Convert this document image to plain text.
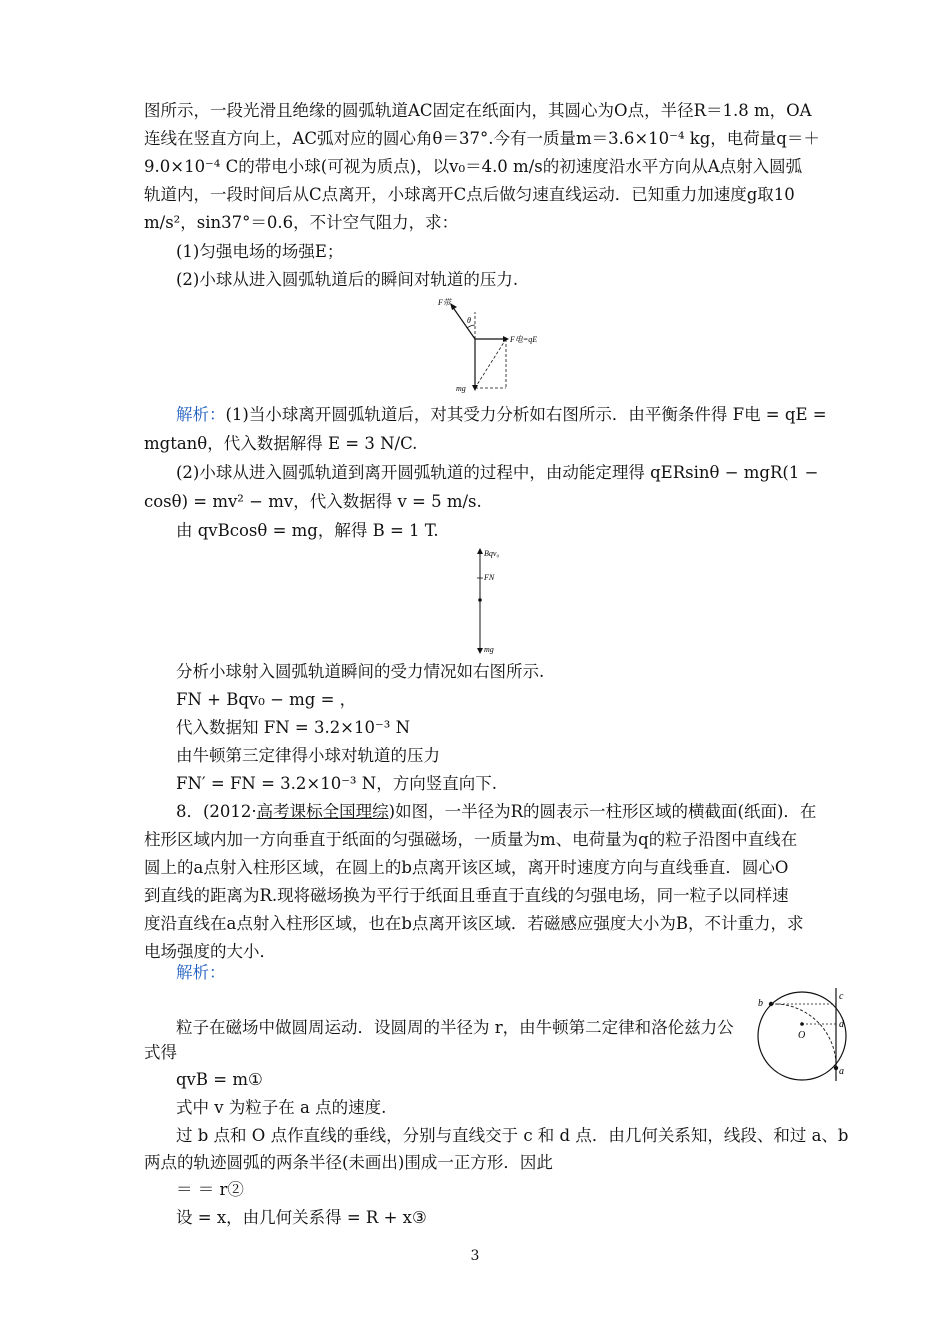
图所示，一段光滑且绝缘的圆弧轨道AC固定在纸面内，其圆心为O点，半径R＝1.8 m，OA
连线在竖直方向上，AC弧对应的圆心角θ＝37°.今有一质量m＝3.6×10⁻⁴ kg，电荷量q＝＋
9.0×10⁻⁴ C的带电小球(可视为质点)，以v₀＝4.0 m/s的初速度沿水平方向从A点射入圆弧
轨道内，一段时间后从C点离开，小球离开C点后做匀速直线运动．已知重力加速度g取10
m/s²，sin37°＝0.6，不计空气阻力，求：
(1)匀强电场的场强E；
(2)小球从进入圆弧轨道后的瞬间对轨道的压力.
F带
θ
F电=qE
mg
解析：(1)当小球离开圆弧轨道后，对其受力分析如右图所示．由平衡条件得 F电 = qE =
mgtanθ，代入数据解得 E = 3 N/C.
(2)小球从进入圆弧轨道到离开圆弧轨道的过程中，由动能定理得 qERsinθ − mgR(1 −
cosθ) = mv² − mv，代入数据得 v = 5 m/s.
由 qvBcosθ = mg，解得 B = 1 T.
Bqv₀
FN
mg
分析小球射入圆弧轨道瞬间的受力情况如右图所示.
FN + Bqv₀ − mg = ，
代入数据知 FN = 3.2×10⁻³ N
由牛顿第三定律得小球对轨道的压力
FN′ = FN = 3.2×10⁻³ N，方向竖直向下.
8．(2012·高考课标全国理综)如图，一半径为R的圆表示一柱形区域的横截面(纸面)．在
柱形区域内加一方向垂直于纸面的匀强磁场，一质量为m、电荷量为q的粒子沿图中直线在
圆上的a点射入柱形区域，在圆上的b点离开该区域，离开时速度方向与直线垂直．圆心O
到直线的距离为R.现将磁场换为平行于纸面且垂直于直线的匀强电场，同一粒子以同样速
度沿直线在a点射入柱形区域，也在b点离开该区域．若磁感应强度大小为B，不计重力，求
电场强度的大小．
解析：
粒子在磁场中做圆周运动．设圆周的半径为 r，由牛顿第二定律和洛伦兹力公
式得
qvB = m①
式中 v 为粒子在 a 点的速度.
过 b 点和 O 点作直线的垂线，分别与直线交于 c 和 d 点．由几何关系知，线段、和过 a、b
两点的轨迹圆弧的两条半径(未画出)围成一正方形．因此
＝ ＝ r②
设 = x，由几何关系得 = R + x③
b
c
d
O
a
3
